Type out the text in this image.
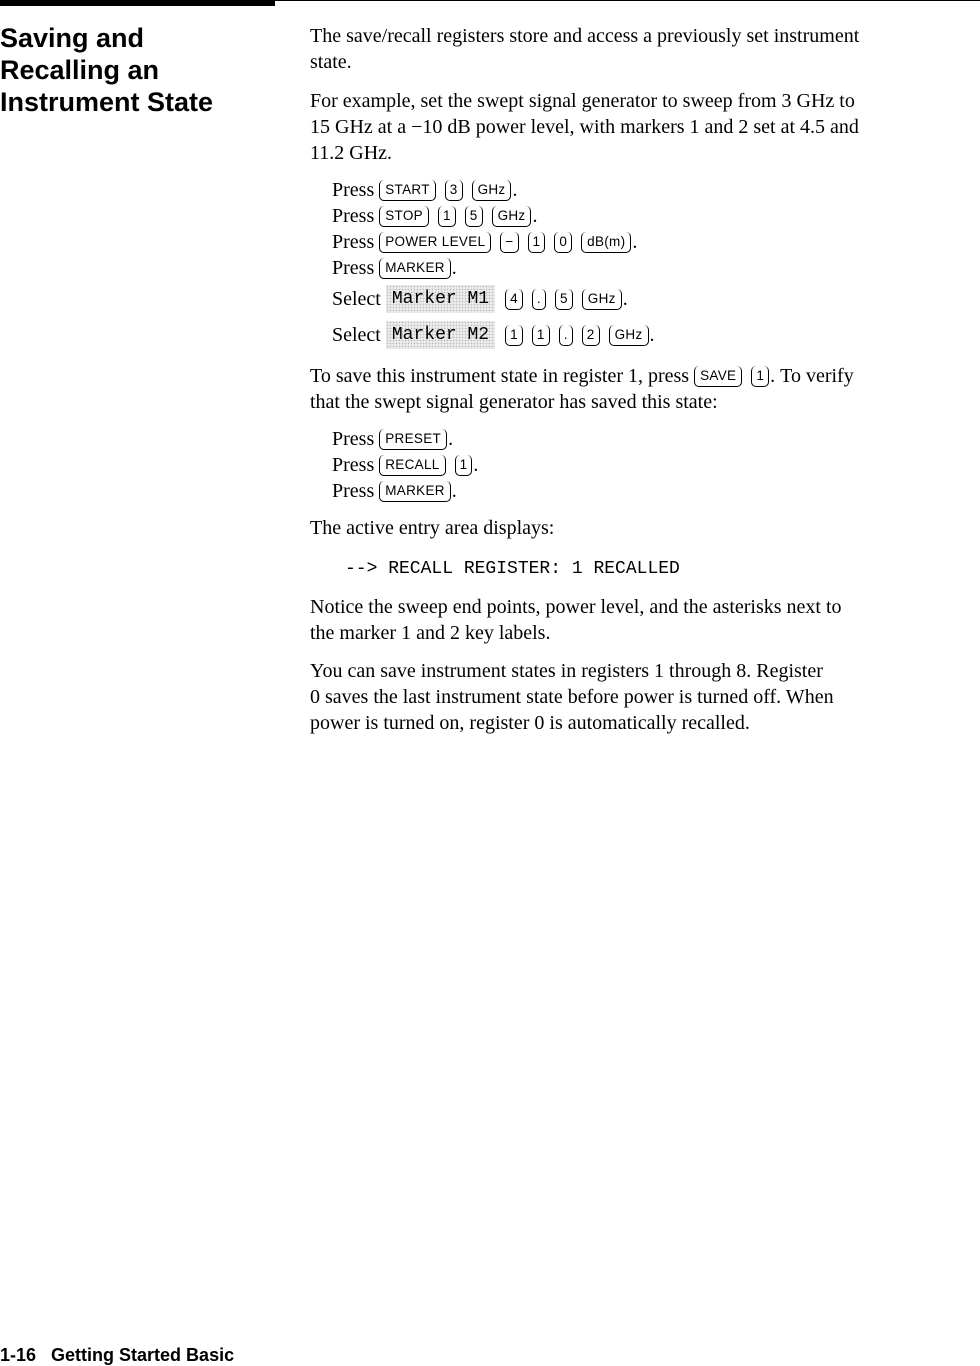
Saving and
Recalling an
Instrument State

The save/recall registers store and access a previously set instrument
state.

For example, set the swept signal generator to sweep from 3 GHz to
15 GHz at a −10 dB power level, with markers 1 and 2 set at 4.5 and
11.2 GHz.

Press START	3	GHz .
Press STOP	1	5	GHz .
Press POWER LEVEL	−	1	0	dB(m) .
Press MARKER .
Select Marker M1	4	.	5	GHz .
Select Marker M2	1	1	.	2	GHz .
To save this instrument state in register 1, press
SAVE	1 .
To verify
that the swept signal generator has saved this state:
Press PRESET .
Press RECALL	1 .
Press MARKER .

The active entry area displays:

--> RECALL REGISTER: 1 RECALLED

Notice the sweep end points, power level, and the asterisks next to
the marker 1 and 2 key labels.

You can save instrument states in registers 1 through 8. Register
0 saves the last instrument state before power is turned off. When
power is turned on, register 0 is automatically recalled.

1-16 Getting Started Basic
